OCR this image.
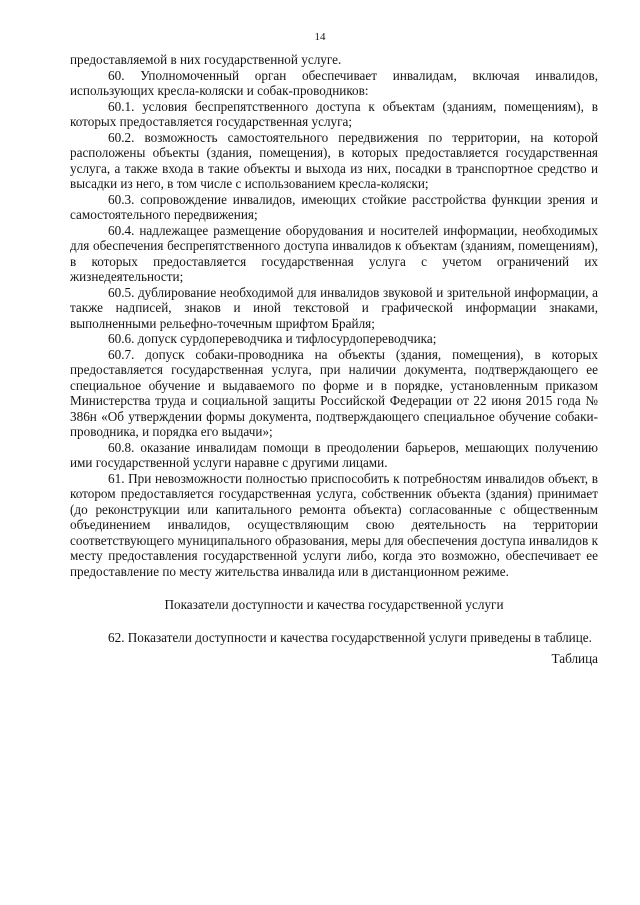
14

предоставляемой в них государственной услуге.

60. Уполномоченный орган обеспечивает инвалидам, включая инвалидов, использующих кресла-коляски и собак-проводников:

60.1. условия беспрепятственного доступа к объектам (зданиям, помещениям), в которых предоставляется государственная услуга;

60.2. возможность самостоятельного передвижения по территории, на которой расположены объекты (здания, помещения), в которых предоставляется государственная услуга, а также входа в такие объекты и выхода из них, посадки в транспортное средство и высадки из него, в том числе с использованием кресла-коляски;

60.3. сопровождение инвалидов, имеющих стойкие расстройства функции зрения и самостоятельного передвижения;

60.4. надлежащее размещение оборудования и носителей информации, необходимых для обеспечения беспрепятственного доступа инвалидов к объектам (зданиям, помещениям), в которых предоставляется государственная услуга с учетом ограничений их жизнедеятельности;

60.5. дублирование необходимой для инвалидов звуковой и зрительной информации, а также надписей, знаков и иной текстовой и графической информации знаками, выполненными рельефно-точечным шрифтом Брайля;

60.6. допуск сурдопереводчика и тифлосурдопереводчика;

60.7. допуск собаки-проводника на объекты (здания, помещения), в которых предоставляется государственная услуга, при наличии документа, подтверждающего ее специальное обучение и выдаваемого по форме и в порядке, установленным приказом Министерства труда и социальной защиты Российской Федерации от 22 июня 2015 года № 386н «Об утверждении формы документа, подтверждающего специальное обучение собаки-проводника, и порядка его выдачи»;

60.8. оказание инвалидам помощи в преодолении барьеров, мешающих получению ими государственной услуги наравне с другими лицами.

61. При невозможности полностью приспособить к потребностям инвалидов объект, в котором предоставляется государственная услуга, собственник объекта (здания) принимает (до реконструкции или капитального ремонта объекта) согласованные с общественным объединением инвалидов, осуществляющим свою деятельность на территории соответствующего муниципального образования, меры для обеспечения доступа инвалидов к месту предоставления государственной услуги либо, когда это возможно, обеспечивает ее предоставление по месту жительства инвалида или в дистанционном режиме.

Показатели доступности и качества государственной услуги

62. Показатели доступности и качества государственной услуги приведены в таблице.

Таблица
